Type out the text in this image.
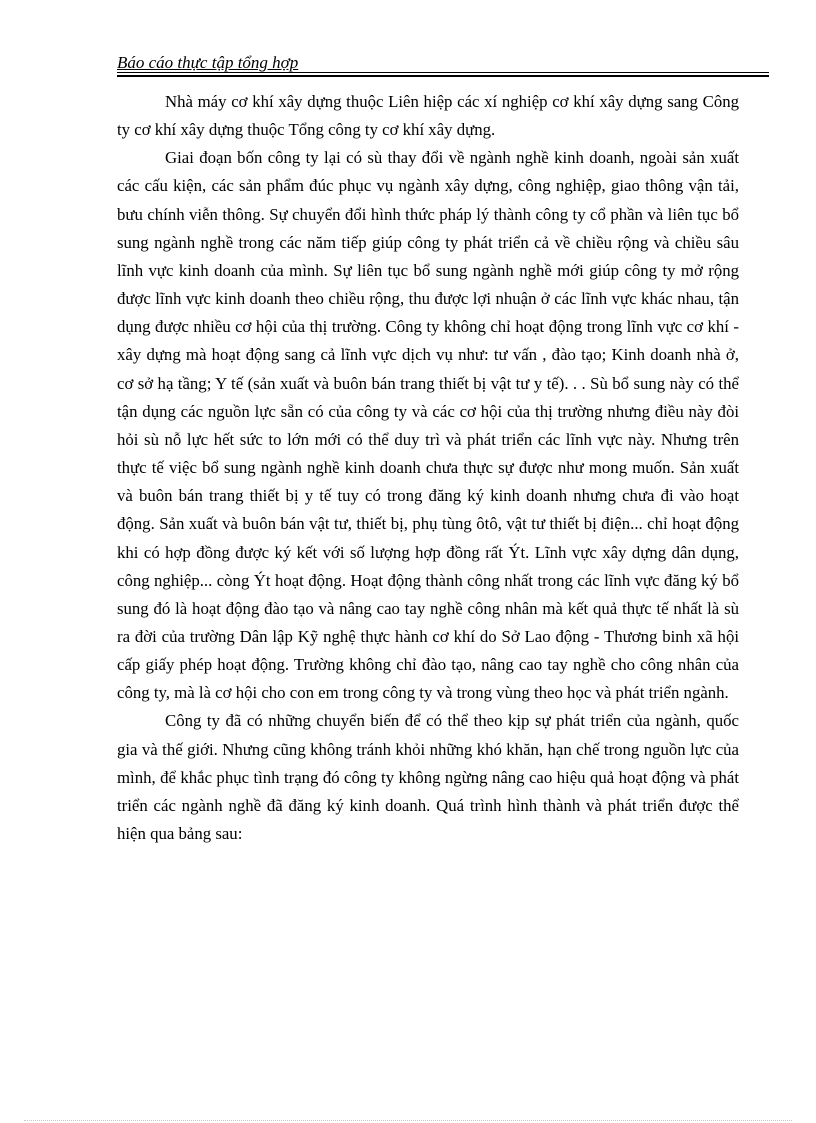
Báo cáo thực tập tổng hợp

Nhà máy cơ khí xây dựng thuộc Liên hiệp các xí nghiệp cơ khí xây dựng sang Công ty cơ khí xây dựng thuộc Tổng công ty cơ khí xây dựng.

Giai đoạn bốn công ty lại có sù thay đổi về ngành nghề kinh doanh, ngoài sản xuất các cấu kiện, các sản phẩm đúc phục vụ ngành xây dựng, công nghiệp, giao thông vận tải, bưu chính viễn thông. Sự chuyển đổi hình thức pháp lý thành công ty cổ phần và liên tục bổ sung ngành nghề trong các năm tiếp giúp công ty phát triển cả về chiều rộng và chiều sâu lĩnh vực kinh doanh của mình. Sự liên tục bổ sung ngành nghề mới giúp công ty mở rộng được lĩnh vực kinh doanh theo chiều rộng, thu được lợi nhuận ở các lĩnh vực khác nhau, tận dụng được nhiều cơ hội của thị trường. Công ty không chỉ hoạt động trong lĩnh vực cơ khí - xây dựng mà hoạt động sang cả lĩnh vực dịch vụ như: tư vấn , đào tạo; Kinh doanh nhà ở, cơ sở hạ tầng; Y tế (sản xuất và buôn bán trang thiết bị vật tư y tế). . . Sù bổ sung này có thể tận dụng các nguồn lực sẵn có của công ty và các cơ hội của thị trường nhưng điều này đòi hỏi sù nỗ lực hết sức to lớn mới có thể duy trì và phát triển các lĩnh vực này. Nhưng trên thực tế việc bổ sung ngành nghề kinh doanh chưa thực sự được như mong muốn. Sản xuất và buôn bán trang thiết bị y tế tuy có trong đăng ký kinh doanh nhưng chưa đi vào hoạt động. Sản xuất và buôn bán vật tư, thiết bị, phụ tùng ôtô, vật tư thiết bị điện... chỉ hoạt động khi có hợp đồng được ký kết với số lượng hợp đồng rất Ýt. Lĩnh vực xây dựng dân dụng, công nghiệp... còng Ýt hoạt động. Hoạt động thành công nhất trong các lĩnh vực đăng ký bổ sung đó là hoạt động đào tạo và nâng cao tay nghề công nhân mà kết quả thực tế nhất là sù ra đời của trường Dân lập Kỹ nghệ thực hành cơ khí do Sở Lao động - Thương binh xã hội cấp giấy phép hoạt động. Trường không chỉ đào tạo, nâng cao tay nghề cho công nhân của công ty, mà là cơ hội cho con em trong công ty và trong vùng theo học và phát triển ngành.

Công ty đã có những chuyển biến để có thể theo kịp sự phát triển của ngành, quốc gia và thế giới. Nhưng cũng không tránh khỏi những khó khăn, hạn chế trong nguồn lực của mình, để khắc phục tình trạng đó công ty không ngừng nâng cao hiệu quả hoạt động và phát triển các ngành nghề đã đăng ký kinh doanh. Quá trình hình thành và phát triển được thể hiện qua bảng sau:
